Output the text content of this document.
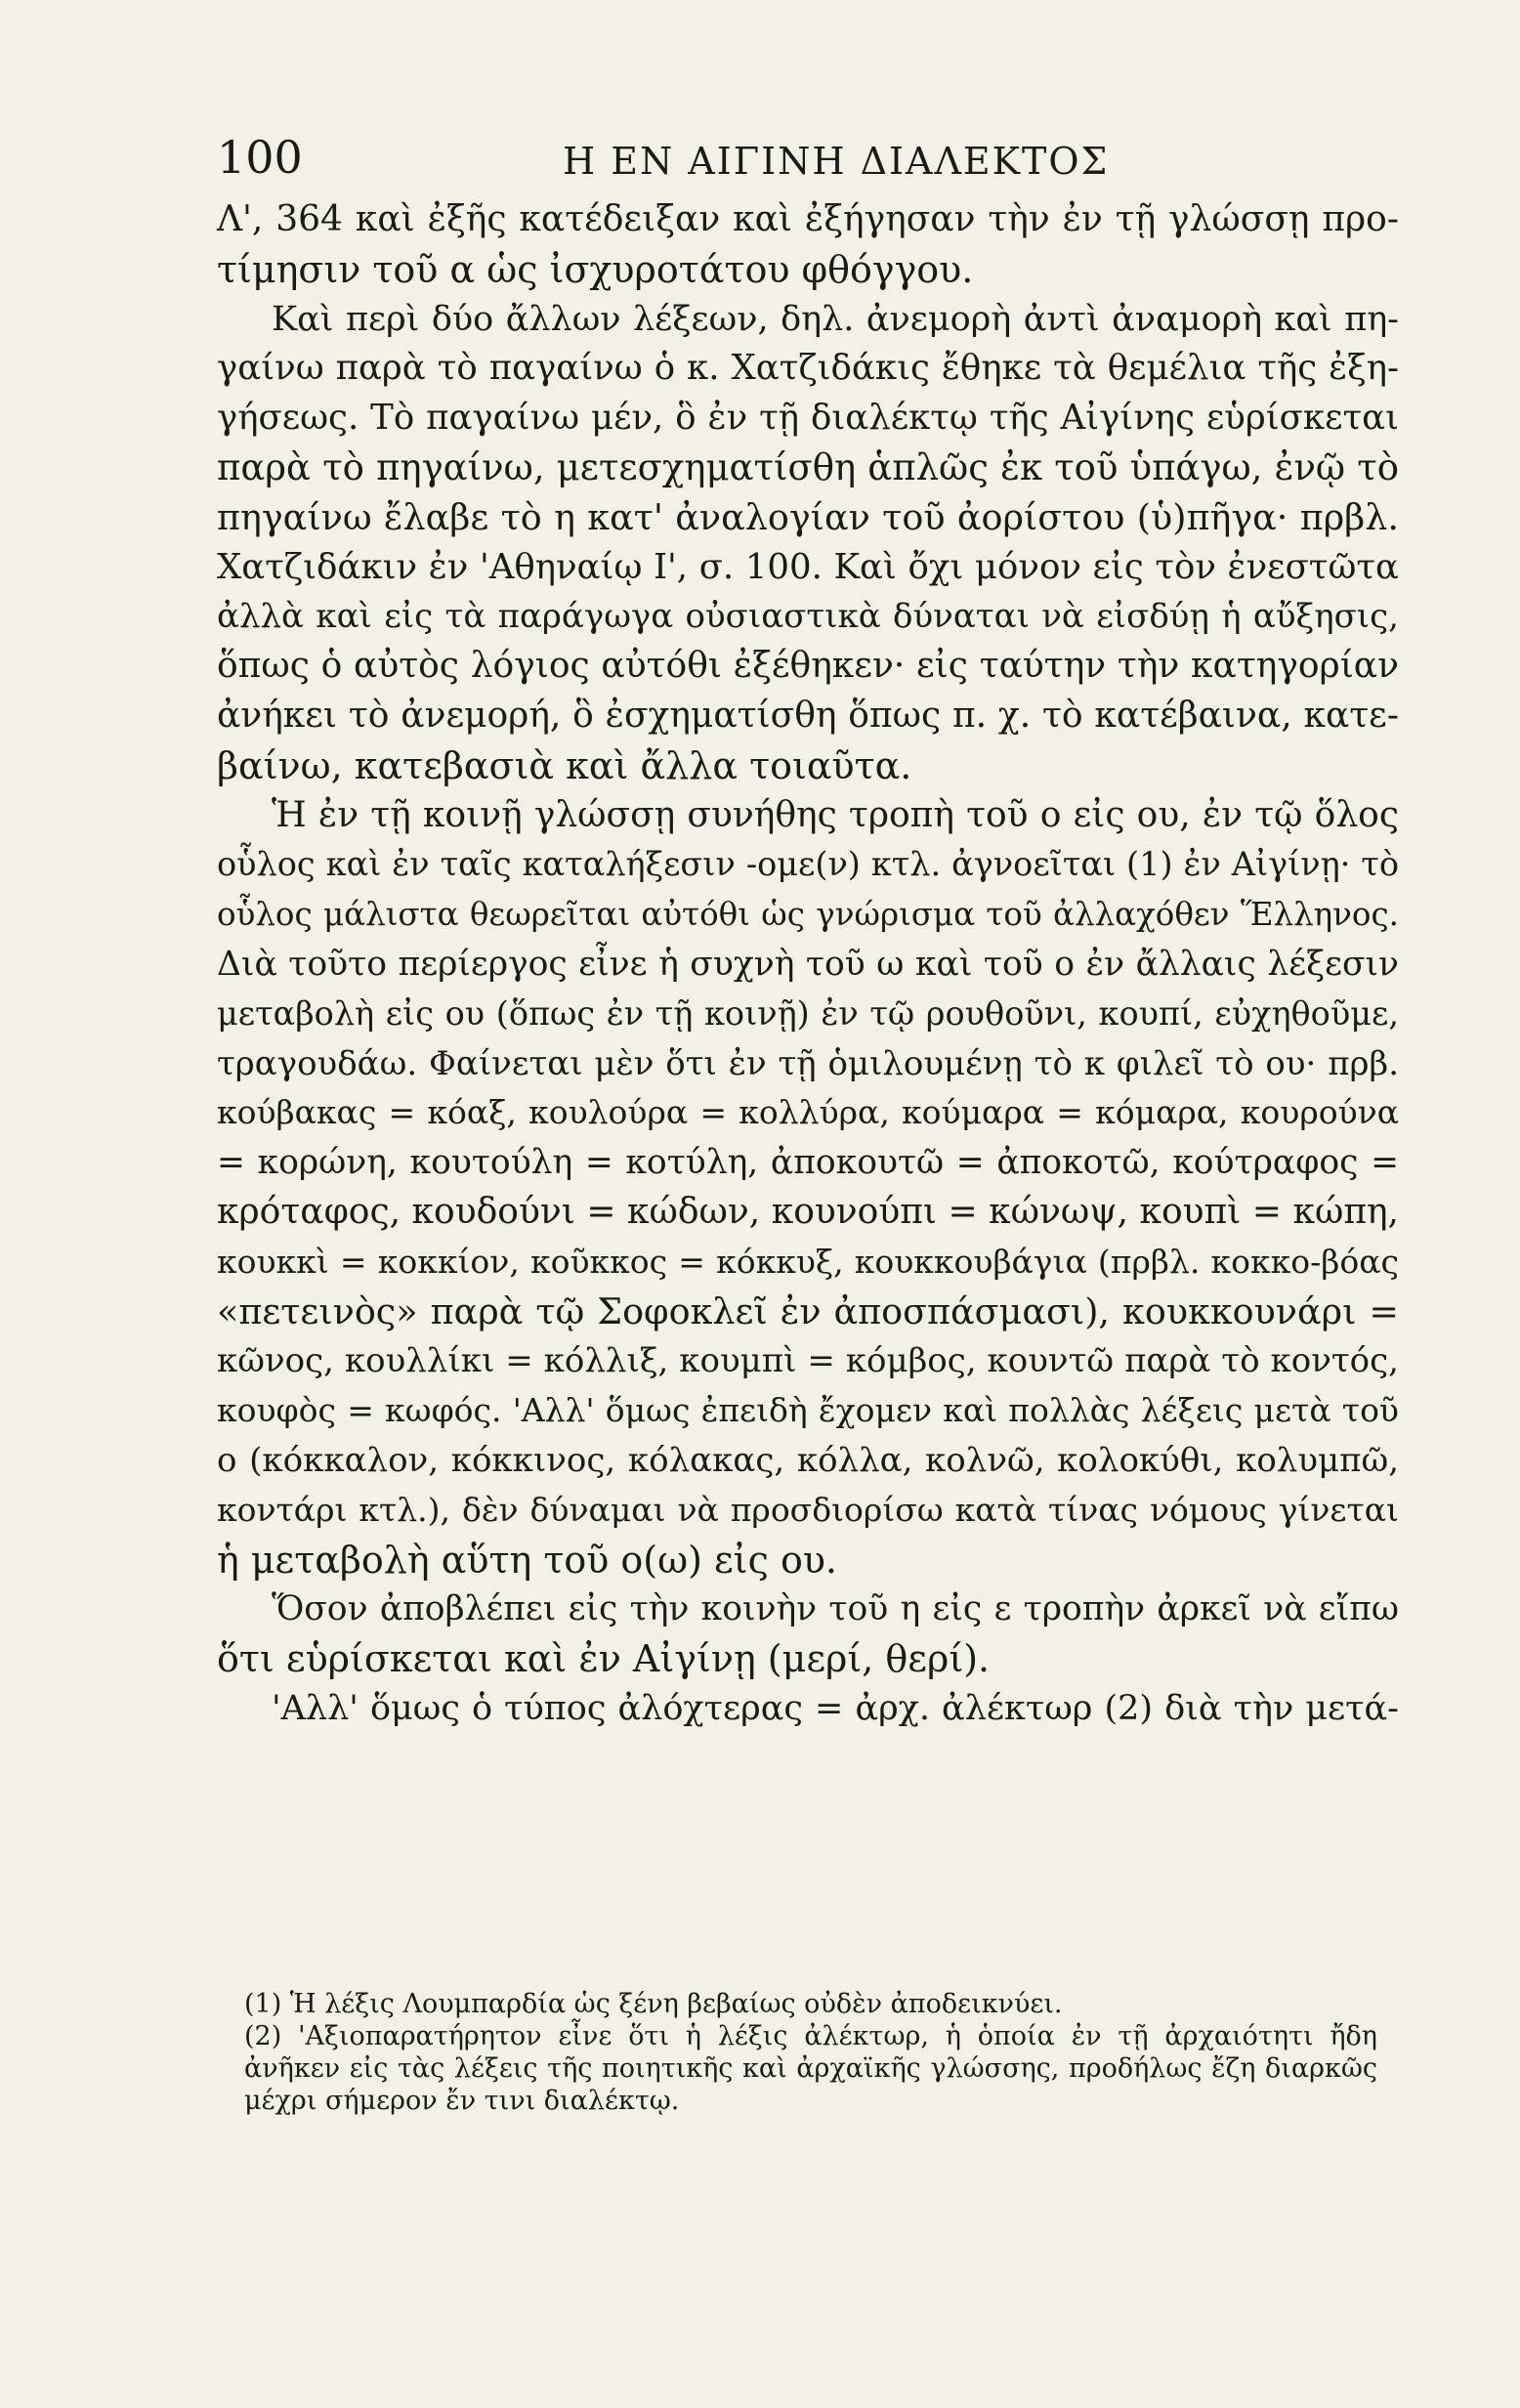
100	Η ΕΝ ΑΙΓΙΝΗ ΔΙΑΛΕΚΤΟΣ
Λ', 364 καὶ ἐξῆς κατέδειξαν καὶ ἐξήγησαν τὴν ἐν τῇ γλώσσῃ προ-
τίμησιν τοῦ α ὡς ἰσχυροτάτου φθόγγου.
Καὶ περὶ δύο ἄλλων λέξεων, δηλ. ἀνεμορὴ ἀντὶ ἀναμορὴ καὶ πη-
γαίνω παρὰ τὸ παγαίνω ὁ κ. Χατζιδάκις ἔθηκε τὰ θεμέλια τῆς ἐξη-
γήσεως. Τὸ παγαίνω μέν, ὃ ἐν τῇ διαλέκτῳ τῆς Αἰγίνης εὑρίσκεται
παρὰ τὸ πηγαίνω, μετεσχηματίσθη ἁπλῶς ἐκ τοῦ ὑπάγω, ἐνῷ τὸ
πηγαίνω ἔλαβε τὸ η κατ' ἀναλογίαν τοῦ ἀορίστου (ὑ)πῆγα· πρβλ.
Χατζιδάκιν ἐν 'Αθηναίῳ Ι', σ. 100. Καὶ ὄχι μόνον εἰς τὸν ἐνεστῶτα
ἀλλὰ καὶ εἰς τὰ παράγωγα οὐσιαστικὰ δύναται νὰ εἰσδύῃ ἡ αὔξησις,
ὅπως ὁ αὐτὸς λόγιος αὐτόθι ἐξέθηκεν· εἰς ταύτην τὴν κατηγορίαν
ἀνήκει τὸ ἀνεμορή, ὃ ἐσχηματίσθη ὅπως π. χ. τὸ κατέβαινα, κατε-
βαίνω, κατεβασιὰ καὶ ἄλλα τοιαῦτα.
Ἡ ἐν τῇ κοινῇ γλώσσῃ συνήθης τροπὴ τοῦ ο εἰς ου, ἐν τῷ ὅλος
οὗλος καὶ ἐν ταῖς καταλήξεσιν -ομε(ν) κτλ. ἀγνοεῖται (1) ἐν Αἰγίνῃ· τὸ
οὗλος μάλιστα θεωρεῖται αὐτόθι ὡς γνώρισμα τοῦ ἀλλαχόθεν Ἕλληνος.
Διὰ τοῦτο περίεργος εἶνε ἡ συχνὴ τοῦ ω καὶ τοῦ ο ἐν ἄλλαις λέξεσιν
μεταβολὴ εἰς ου (ὅπως ἐν τῇ κοινῇ) ἐν τῷ ρουθοῦνι, κουπί, εὐχηθοῦμε,
τραγουδάω. Φαίνεται μὲν ὅτι ἐν τῇ ὁμιλουμένῃ τὸ κ φιλεῖ τὸ ου· πρβ.
κούβακας = κόαξ, κουλούρα = κολλύρα, κούμαρα = κόμαρα, κουρούνα
= κορώνη, κουτούλη = κοτύλη, ἀποκουτῶ = ἀποκοτῶ, κούτραφος =
κρόταφος, κουδούνι = κώδων, κουνούπι = κώνωψ, κουπὶ = κώπη,
κουκκὶ = κοκκίον, κοῦκκος = κόκκυξ, κουκκουβάγια (πρβλ. κοκκο-βόας
«πετεινὸς» παρὰ τῷ Σοφοκλεῖ ἐν ἀποσπάσμασι), κουκκουνάρι =
κῶνος, κουλλίκι = κόλλιξ, κουμπὶ = κόμβος, κουντῶ παρὰ τὸ κοντός,
κουφὸς = κωφός. 'Αλλ' ὅμως ἐπειδὴ ἔχομεν καὶ πολλὰς λέξεις μετὰ τοῦ
ο (κόκκαλον, κόκκινος, κόλακας, κόλλα, κολνῶ, κολοκύθι, κολυμπῶ,
κοντάρι κτλ.), δὲν δύναμαι νὰ προσδιορίσω κατὰ τίνας νόμους γίνεται
ἡ μεταβολὴ αὕτη τοῦ ο(ω) εἰς ου.
Ὅσον ἀποβλέπει εἰς τὴν κοινὴν τοῦ η εἰς ε τροπὴν ἀρκεῖ νὰ εἴπω
ὅτι εὑρίσκεται καὶ ἐν Αἰγίνῃ (μερί, θερί).
'Αλλ' ὅμως ὁ τύπος ἀλόχτερας = ἀρχ. ἀλέκτωρ (2) διὰ τὴν μετά-
(1) Ἡ λέξις Λουμπαρδία ὡς ξένη βεβαίως οὐδὲν ἀποδεικνύει.
(2) 'Αξιοπαρατήρητον εἶνε ὅτι ἡ λέξις ἀλέκτωρ, ἡ ὁποία ἐν τῇ ἀρχαιότητι ἤδη
ἀνῆκεν εἰς τὰς λέξεις τῆς ποιητικῆς καὶ ἀρχαϊκῆς γλώσσης, προδήλως ἔζη διαρκῶς
μέχρι σήμερον ἔν τινι διαλέκτῳ.
